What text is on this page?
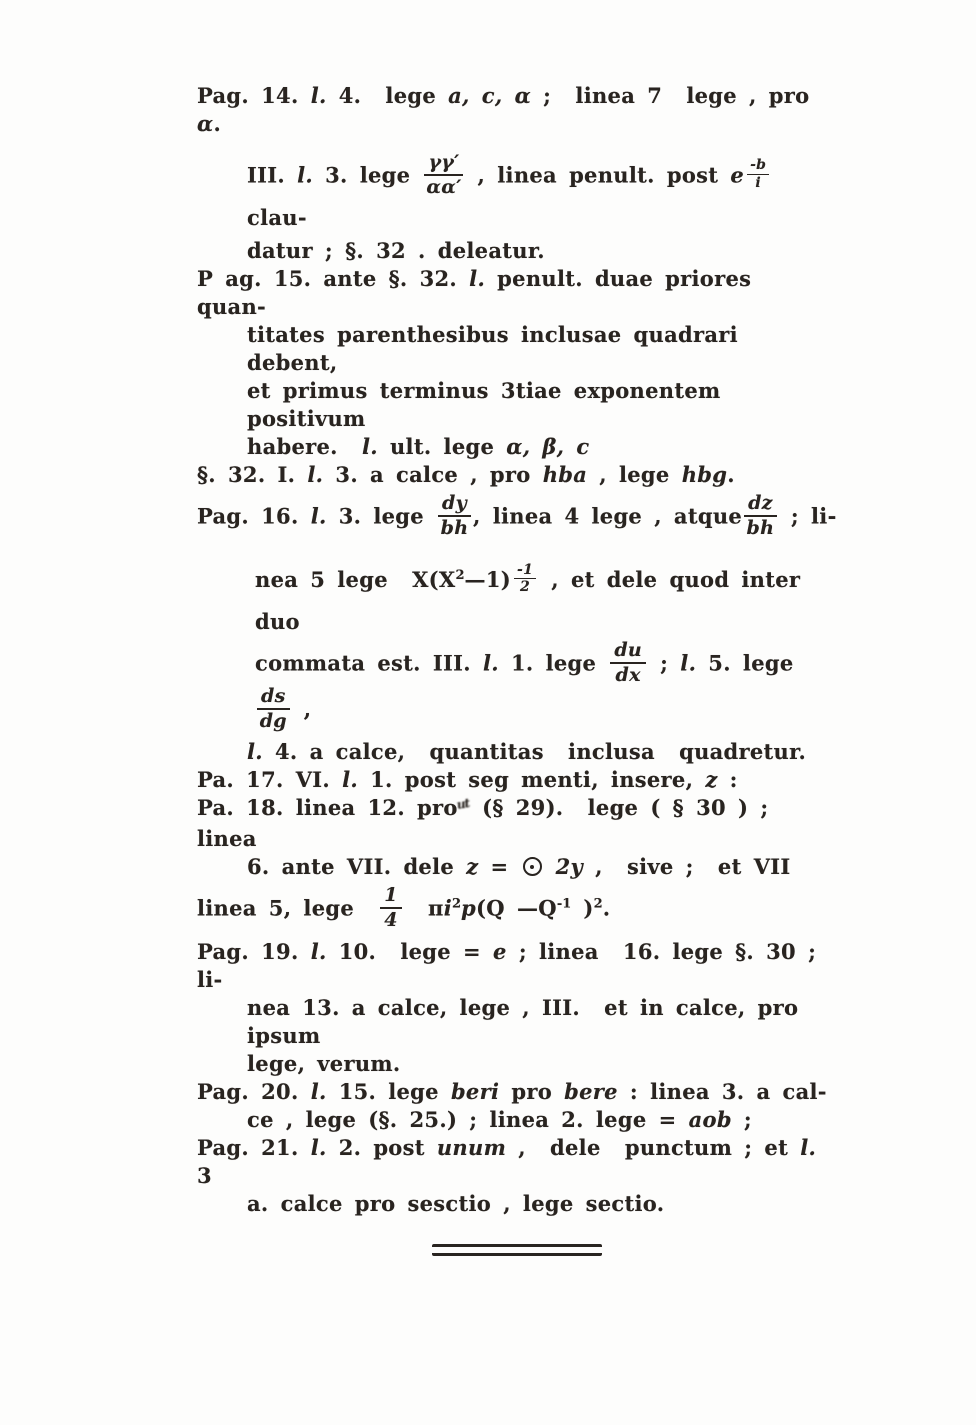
Pag. 14. l. 4.  lege a, c, α ;  linea 7  lege , pro α.
III. l. 3. lege $\frac{\gamma\gamma'}{\alpha\alpha'}$ , linea penult. post e $\frac{-b}{i}$ clau-
datur ; §. 32 . deleatur.
P ag. 15. ante §. 32. l. penult. duae priores  quan-
titates parenthesibus inclusae quadrari debent,
et primus terminus 3tiae exponentem positivum
habere.  l. ult. lege α, β, c
§. 32. I. l. 3. a calce , pro hba , lege hbg.
Pag. 16. l. 3. lege $\frac{dy}{bh}$ , linea 4 lege , atque $\frac{dz}{bh}$ ; li-
nea 5 lege  $X(X^2—1) \frac{-1}{2}$ , et dele quod inter duo
commata est. III. l. 1. lege $\frac{du}{dx}$ ; l. 5. lege
$\frac{ds}{dg}$ ,
l. 4. a calce,  quantitas  inclusa  quadretur.
Pa. 17. VI. l. 1. post seg menti, insere, z :
Pa. 18. linea 12. prout (§ 29).  lege ( § 30 ) ;  linea
6. ante VII. dele z =
2y ,  sive ;  et VII
linea 5, lege $\frac{1}{4} \pi i^2p(Q$ $—Q^{-1}$ )$^2$.
Pag. 19. l. 10.  lege = e ; linea  16. lege §. 30 ; li-
nea 13. a calce, lege , III.  et in calce, pro ipsum
lege, verum.
Pag. 20. l. 15. lege beri pro bere : linea 3. a cal-
ce , lege (§. 25.) ; linea 2. lege = aob ;
Pag. 21. l. 2. post unum ,  dele  punctum ; et l. 3
a. calce pro sesctio , lege sectio.
